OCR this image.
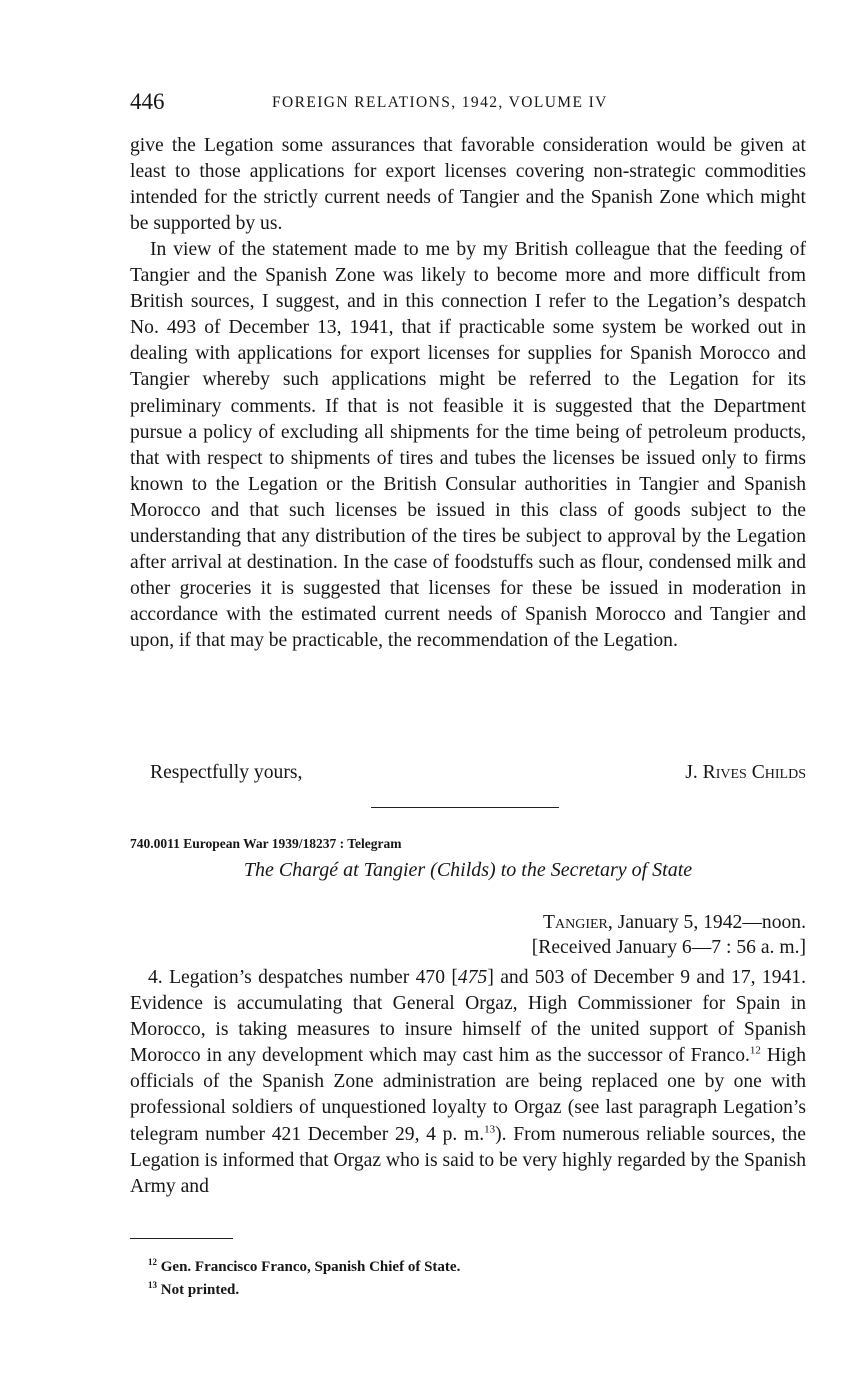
446	FOREIGN RELATIONS, 1942, VOLUME IV

give the Legation some assurances that favorable consideration would be given at least to those applications for export licenses covering non-strategic commodities intended for the strictly current needs of Tangier and the Spanish Zone which might be supported by us.

In view of the statement made to me by my British colleague that the feeding of Tangier and the Spanish Zone was likely to become more and more difficult from British sources, I suggest, and in this connection I refer to the Legation’s despatch No. 493 of December 13, 1941, that if practicable some system be worked out in dealing with applications for export licenses for supplies for Spanish Morocco and Tangier whereby such applications might be referred to the Legation for its preliminary comments. If that is not feasible it is suggested that the Department pursue a policy of excluding all shipments for the time being of petroleum products, that with respect to shipments of tires and tubes the licenses be issued only to firms known to the Legation or the British Consular authorities in Tangier and Spanish Morocco and that such licenses be issued in this class of goods subject to the understanding that any distribution of the tires be subject to approval by the Legation after arrival at destination. In the case of foodstuffs such as flour, condensed milk and other groceries it is suggested that licenses for these be issued in moderation in accordance with the estimated current needs of Spanish Morocco and Tangier and upon, if that may be practicable, the recommendation of the Legation.

Respectfully yours,	J. Rives Childs
740.0011 European War 1939/18237 : Telegram
The Chargé at Tangier (Childs) to the Secretary of State
Tangier, January 5, 1942—noon.
[Received January 6—7 : 56 a. m.]

4. Legation’s despatches number 470 [475] and 503 of December 9 and 17, 1941. Evidence is accumulating that General Orgaz, High Commissioner for Spain in Morocco, is taking measures to insure himself of the united support of Spanish Morocco in any development which may cast him as the successor of Franco.$^{12}$ High officials of the Spanish Zone administration are being replaced one by one with professional soldiers of unquestioned loyalty to Orgaz (see last paragraph Legation’s telegram number 421 December 29, 4 p. m.$^{13}$). From numerous reliable sources, the Legation is informed that Orgaz who is said to be very highly regarded by the Spanish Army and

$^{12}$ Gen. Francisco Franco, Spanish Chief of State.
$^{13}$ Not printed.
